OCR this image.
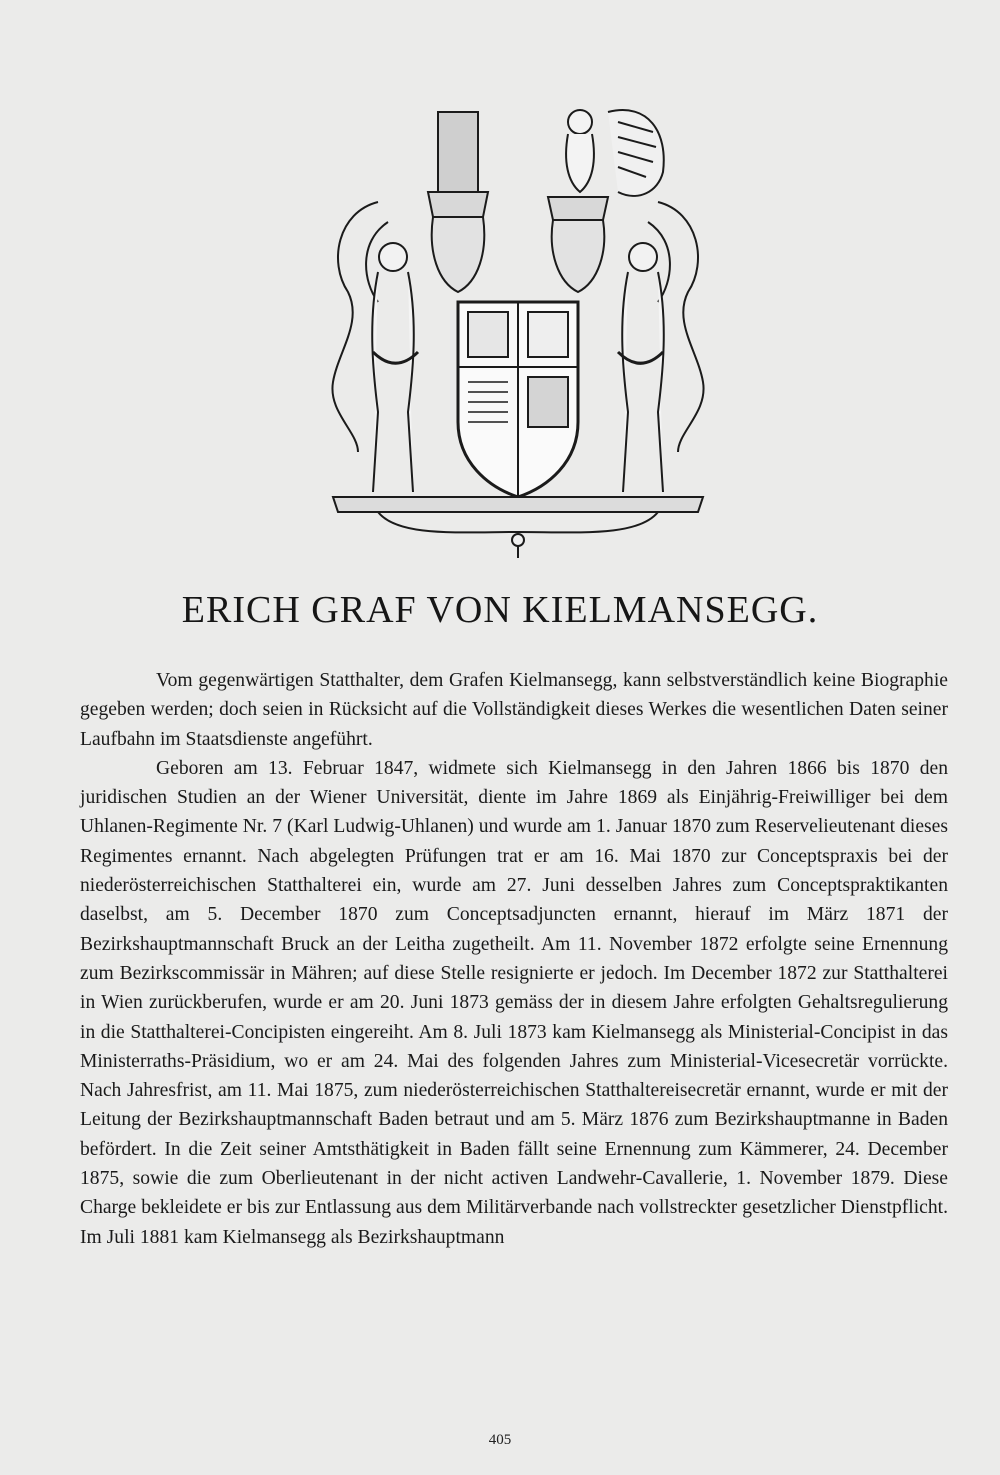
ERICH GRAF VON KIELMANSEGG.

Vom gegenwärtigen Statthalter, dem Grafen Kielmansegg, kann selbstverständlich keine Biographie gegeben werden; doch seien in Rücksicht auf die Vollständigkeit dieses Werkes die wesentlichen Daten seiner Laufbahn im Staatsdienste angeführt.

Geboren am 13. Februar 1847, widmete sich Kielmansegg in den Jahren 1866 bis 1870 den juridischen Studien an der Wiener Universität, diente im Jahre 1869 als Einjährig-Freiwilliger bei dem Uhlanen-Regimente Nr. 7 (Karl Ludwig-Uhlanen) und wurde am 1. Januar 1870 zum Reservelieutenant dieses Regimentes ernannt. Nach abgelegten Prüfungen trat er am 16. Mai 1870 zur Conceptspraxis bei der niederösterreichischen Statthalterei ein, wurde am 27. Juni desselben Jahres zum Conceptspraktikanten daselbst, am 5. December 1870 zum Conceptsadjuncten ernannt, hierauf im März 1871 der Bezirkshauptmannschaft Bruck an der Leitha zugetheilt. Am 11. November 1872 erfolgte seine Ernennung zum Bezirkscommissär in Mähren; auf diese Stelle resignierte er jedoch. Im December 1872 zur Statthalterei in Wien zurückberufen, wurde er am 20. Juni 1873 gemäss der in diesem Jahre erfolgten Gehaltsregulierung in die Statthalterei-Concipisten eingereiht. Am 8. Juli 1873 kam Kielmansegg als Ministerial-Concipist in das Ministerraths-Präsidium, wo er am 24. Mai des folgenden Jahres zum Ministerial-Vicesecretär vorrückte. Nach Jahresfrist, am 11. Mai 1875, zum niederösterreichischen Statthaltereisecretär ernannt, wurde er mit der Leitung der Bezirkshauptmannschaft Baden betraut und am 5. März 1876 zum Bezirkshauptmanne in Baden befördert. In die Zeit seiner Amtsthätigkeit in Baden fällt seine Ernennung zum Kämmerer, 24. December 1875, sowie die zum Oberlieutenant in der nicht activen Landwehr-Cavallerie, 1. November 1879. Diese Charge bekleidete er bis zur Entlassung aus dem Militärverbande nach vollstreckter gesetzlicher Dienstpflicht. Im Juli 1881 kam Kielmansegg als Bezirkshauptmann

405
